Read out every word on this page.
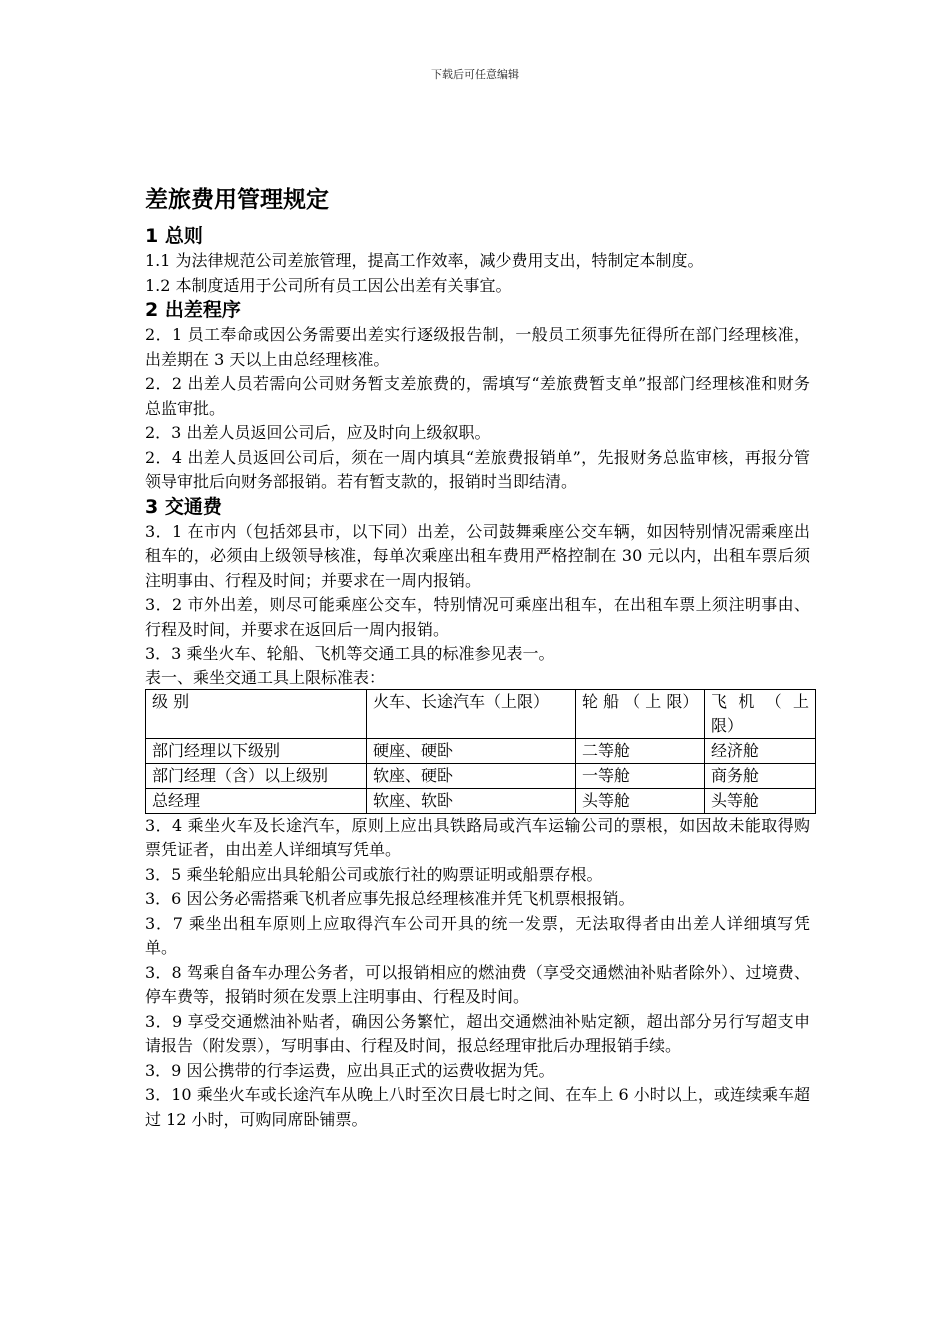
下载后可任意编辑
差旅费用管理规定
1 总则

1.1 为法律规范公司差旅管理，提高工作效率，减少费用支出，特制定本制度。

1.2 本制度适用于公司所有员工因公出差有关事宜。

2 出差程序

2．1 员工奉命或因公务需要出差实行逐级报告制，一般员工须事先征得所在部门经理核准，出差期在 3 天以上由总经理核准。

2．2 出差人员若需向公司财务暂支差旅费的，需填写“差旅费暂支单”报部门经理核准和财务总监审批。

2．3 出差人员返回公司后，应及时向上级叙职。

2．4 出差人员返回公司后，须在一周内填具“差旅费报销单”，先报财务总监审核，再报分管领导审批后向财务部报销。若有暂支款的，报销时当即结清。

3 交通费

3．1 在市内（包括郊县市，以下同）出差，公司鼓舞乘座公交车辆，如因特别情况需乘座出租车的，必须由上级领导核准，每单次乘座出租车费用严格控制在 30 元以内，出租车票后须注明事由、行程及时间；并要求在一周内报销。

3．2 市外出差，则尽可能乘座公交车，特别情况可乘座出租车，在出租车票上须注明事由、行程及时间，并要求在返回后一周内报销。

3．3 乘坐火车、轮船、飞机等交通工具的标准参见表一。

表一、乘坐交通工具上限标准表：

级 别	火车、长途汽车（上限）	轮 船 （ 上 限）	飞 机 （ 上 限）
部门经理以下级别	硬座、硬卧	二等舱	经济舱
部门经理（含）以上级别	软座、硬卧	一等舱	商务舱
总经理	软座、软卧	头等舱	头等舱

3．4 乘坐火车及长途汽车，原则上应出具铁路局或汽车运输公司的票根，如因故未能取得购票凭证者，由出差人详细填写凭单。

3．5 乘坐轮船应出具轮船公司或旅行社的购票证明或船票存根。

3．6 因公务必需搭乘飞机者应事先报总经理核准并凭飞机票根报销。

3．7 乘坐出租车原则上应取得汽车公司开具的统一发票，无法取得者由出差人详细填写凭单。

3．8 驾乘自备车办理公务者，可以报销相应的燃油费（享受交通燃油补贴者除外）、过境费、停车费等，报销时须在发票上注明事由、行程及时间。

3．9 享受交通燃油补贴者，确因公务繁忙，超出交通燃油补贴定额，超出部分另行写超支申请报告（附发票），写明事由、行程及时间，报总经理审批后办理报销手续。

3．9 因公携带的行李运费，应出具正式的运费收据为凭。

3．10 乘坐火车或长途汽车从晚上八时至次日晨七时之间、在车上 6 小时以上，或连续乘车超过 12 小时，可购同席卧铺票。
